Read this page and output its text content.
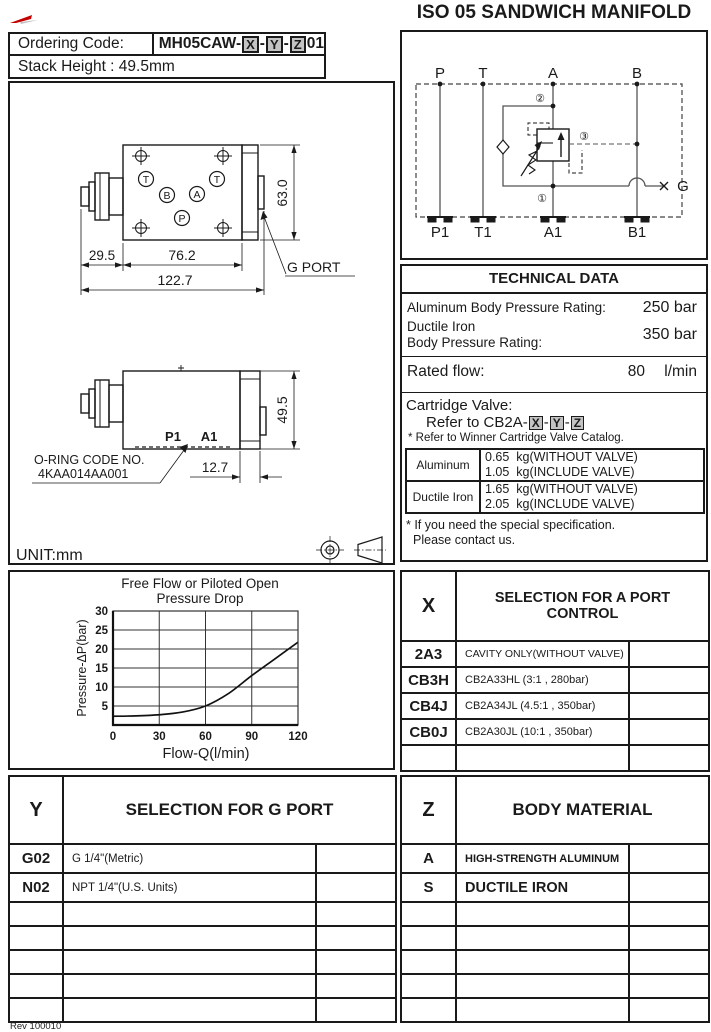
ISO 05 SANDWICH MANIFOLD
Ordering Code:	MH05CAW- X - Y - Z 01
Stack Height : 49.5mm	P T	A	B
G
②
①
③
P1 T1	A1	B1
T	T
B A
P
29.5	76.2
122.7
63.0
G PORT
P1 A1
49.5
12.7
O-RING CODE NO.
4KAA014AA001
UNIT:mm
TECHNICAL DATA
Aluminum Body Pressure Rating:	250 bar
Ductile Iron
Body Pressure Rating:	350 bar
Rated flow:	80	l/min
Cartridge Valve:
Refer to CB2A- X - Y - Z
* Refer to Winner Cartridge Valve Catalog.
Aluminum	0.65  kg(WITHOUT VALVE)
1.05  kg(INCLUDE VALVE)

Ductile Iron	1.65  kg(WITHOUT VALVE)
2.05  kg(INCLUDE VALVE)
* If you need the special specification.
Please contact us.
Free Flow or Piloted Open
Pressure Drop
0	30	60	90	120
5
10
15
20
25
30
Pressure-ΔP(bar)
Flow-Q(l/min)
X	SELECTION FOR A PORT CONTROL	
2A3	CAVITY ONLY(WITHOUT VALVE)	
CB3H	CB2A33HL (3:1 , 280bar)	
CB4J	CB2A34JL (4.5:1 , 350bar)	
CB0J	CB2A30JL (10:1 , 350bar)	

Y	SELECTION FOR G PORT	
G02	G 1/4"(Metric)	
N02	NPT 1/4"(U.S. Units)	

Z	BODY MATERIAL	
A	HIGH-STRENGTH ALUMINUM	
S	DUCTILE IRON	

Rev 100010
